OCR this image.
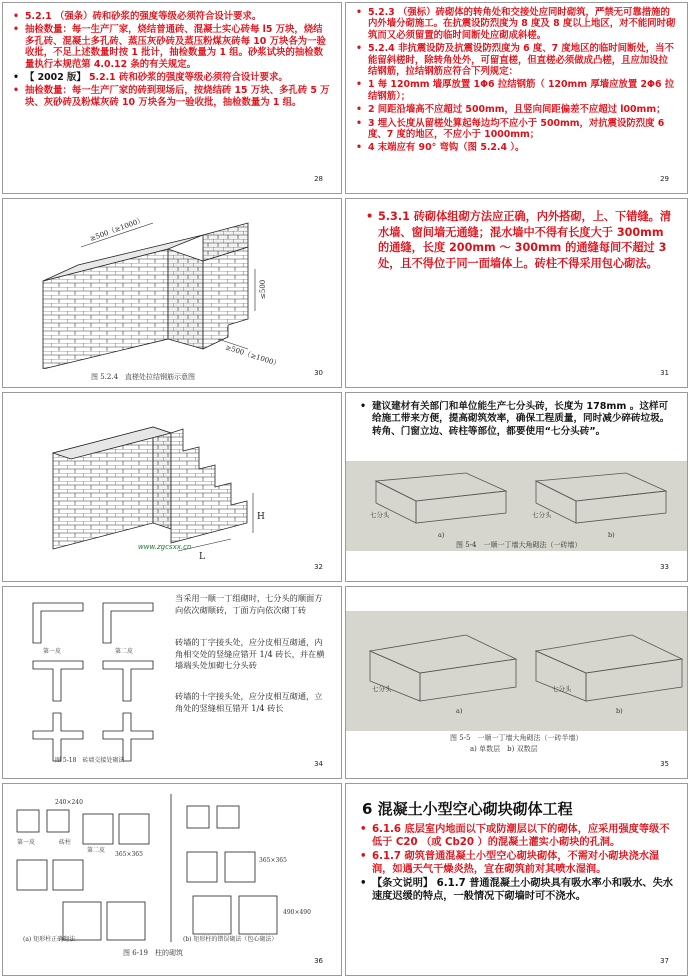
• 5.2.1 （强条）砖和砂浆的强度等级必须符合设计要求。
• 抽检数量：每一生产厂家，烧结普通砖、混凝土实心砖每 l5 万块，烧结多孔砖、混凝土多孔砖、蒸压灰砂砖及蒸压粉煤灰砖每 10 万块各为一验收批，不足上述数量时按 1 批计，抽检数量为 1 组。砂浆试块的抽检数量执行本规范第 4.0.12 条的有关规定。
• 【 2002 版】 5.2.1 砖和砂浆的强度等级必须符合设计要求。
• 抽检数量：每一生产厂家的砖到现场后，按烧结砖 15 万块、多孔砖 5 万块、灰砂砖及粉煤灰砖 10 万块各为一验收批，抽检数量为 1 组。
28
• 5.2.3 （强标）砖砌体的转角处和交接处应同时砌筑，严禁无可靠措施的内外墙分砌施工。在抗震设防烈度为 8 度及 8 度以上地区，对不能同时砌筑而又必须留置的临时间断处应砌成斜槎。
• 5.2.4 非抗震设防及抗震设防烈度为 6 度、7 度地区的临时间断处，当不能留斜槎时，除转角处外，可留直槎，但直槎必须做成凸槎，且应加设拉结钢筋，拉结钢筋应符合下列规定：
• 1 每 120mm 墙厚放置 1Φ6 拉结钢筋（ 120mm 厚墙应放置 2Φ6 拉结钢筋）；
• 2 间距沿墙高不应超过 500mm，且竖向间距偏差不应超过 l00mm；
• 3 埋入长度从留槎处算起每边均不应小于 500mm，对抗震设防烈度 6 度、7 度的地区，不应小于 1000mm；
• 4 末端应有 90° 弯钩（图 5.2.4 ）。
29
≥500（≥1000）
≤500
≥500（≥1000）
图 5.2.4　直槎处拉结钢筋示意图	30
• 5.3.1 砖砌体组砌方法应正确，内外搭砌，上、下错缝。清水墙、窗间墙无通缝；混水墙中不得有长度大于 300mm 的通缝，长度 200mm ～ 300mm 的通缝每间不超过 3 处，且不得位于同一面墙体上。砖柱不得采用包心砌法。
31
H
L
www.zgcsxx.cn
32
• 建议建材有关部门和单位能生产七分头砖，长度为 178mm 。这样可给施工带来方便，提高砌筑效率，确保工程质量，同时减少碎砖垃圾。转角、门窗立边、砖柱等部位，都要使用“七分头砖”。
七分头	七分头
a)	b)
图 5-4　一顺一丁墙大角砌法（一砖墙）
33
第一皮	第二皮
当采用一顺一丁组砌时，七分头的顺面方向依次砌顺砖，丁面方向依次砌丁砖
砖墙的丁字接头处，应分皮相互砌通，内角相交处的竖缝应错开 1/4 砖长，并在横墙端头处加砌七分头砖
砖墙的十字接头处，应分皮相互砌通，立角处的竖缝相互错开 1/4 砖长
图 5-18　砖墙交接处砌法	34
七分头	七分头
a)	b)
图 5-5　一顺一丁墙大角砌法（一砖半墙）
a) 单数层　b) 双数层
35
240×240
365×365
365×365
490×490
砖柱
第一皮
第二皮
(a) 矩形柱正确砌法	(b) 矩形柱的错误砌法（包心砌法）
图 6-19　柱的砌筑
36
6 混凝土小型空心砌块砌体工程
• 6.1.6 底层室内地面以下或防潮层以下的砌体，应采用强度等级不低于 C20 （或 Cb20 ）的混凝土灌实小砌块的孔洞。
• 6.1.7 砌筑普通混凝土小型空心砌块砌体，不需对小砌块浇水湿润，如遇天气干燥炎热，宜在砌筑前对其喷水湿润。
• 【条文说明】 6.1.7 普通混凝土小砌块具有吸水率小和吸水、失水速度迟缓的特点，一般情况下砌墙时可不浇水。
37
